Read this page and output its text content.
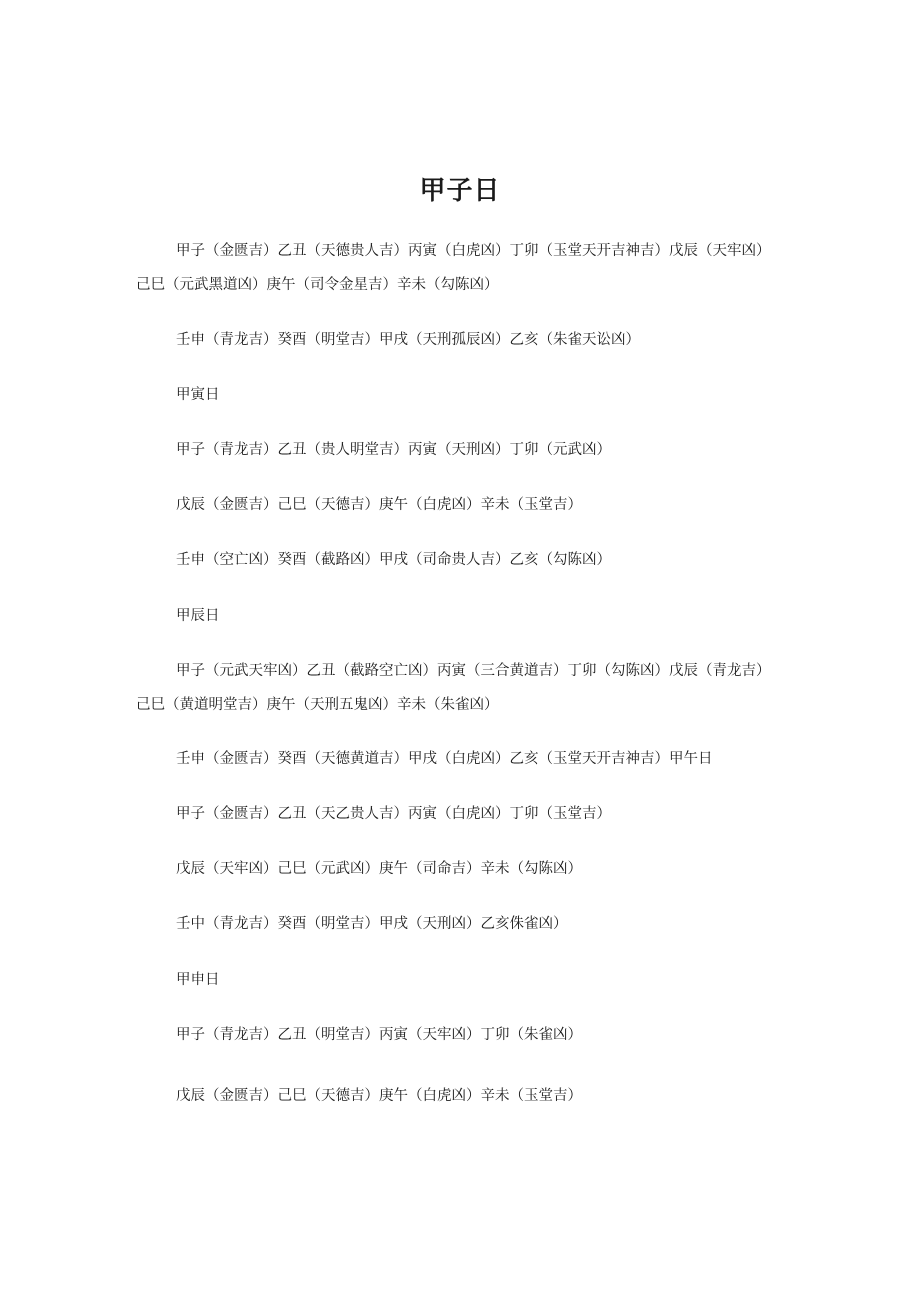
甲子日

甲子（金匮吉）乙丑（天德贵人吉）丙寅（白虎凶）丁卯（玉堂天开吉神吉）戊辰（天牢凶）己巳（元武黑道凶）庚午（司令金星吉）辛未（勾陈凶）

壬申（青龙吉）癸酉（明堂吉）甲戌（天刑孤辰凶）乙亥（朱雀天讼凶）

甲寅日

甲子（青龙吉）乙丑（贵人明堂吉）丙寅（天刑凶）丁卯（元武凶）

戊辰（金匮吉）己巳（天德吉）庚午（白虎凶）辛未（玉堂吉）

壬申（空亡凶）癸酉（截路凶）甲戌（司命贵人吉）乙亥（勾陈凶）

甲辰日

甲子（元武天牢凶）乙丑（截路空亡凶）丙寅（三合黄道吉）丁卯（勾陈凶）戊辰（青龙吉）己巳（黄道明堂吉）庚午（天刑五鬼凶）辛未（朱雀凶）

壬申（金匮吉）癸酉（天德黄道吉）甲戌（白虎凶）乙亥（玉堂天开吉神吉）甲午日

甲子（金匮吉）乙丑（天乙贵人吉）丙寅（白虎凶）丁卯（玉堂吉）

戊辰（天牢凶）己巳（元武凶）庚午（司命吉）辛未（勾陈凶）

壬中（青龙吉）癸酉（明堂吉）甲戌（天刑凶）乙亥侏雀凶）

甲申日

甲子（青龙吉）乙丑（明堂吉）丙寅（天牢凶）丁卯（朱雀凶）

戊辰（金匮吉）己巳（天德吉）庚午（白虎凶）辛未（玉堂吉）
